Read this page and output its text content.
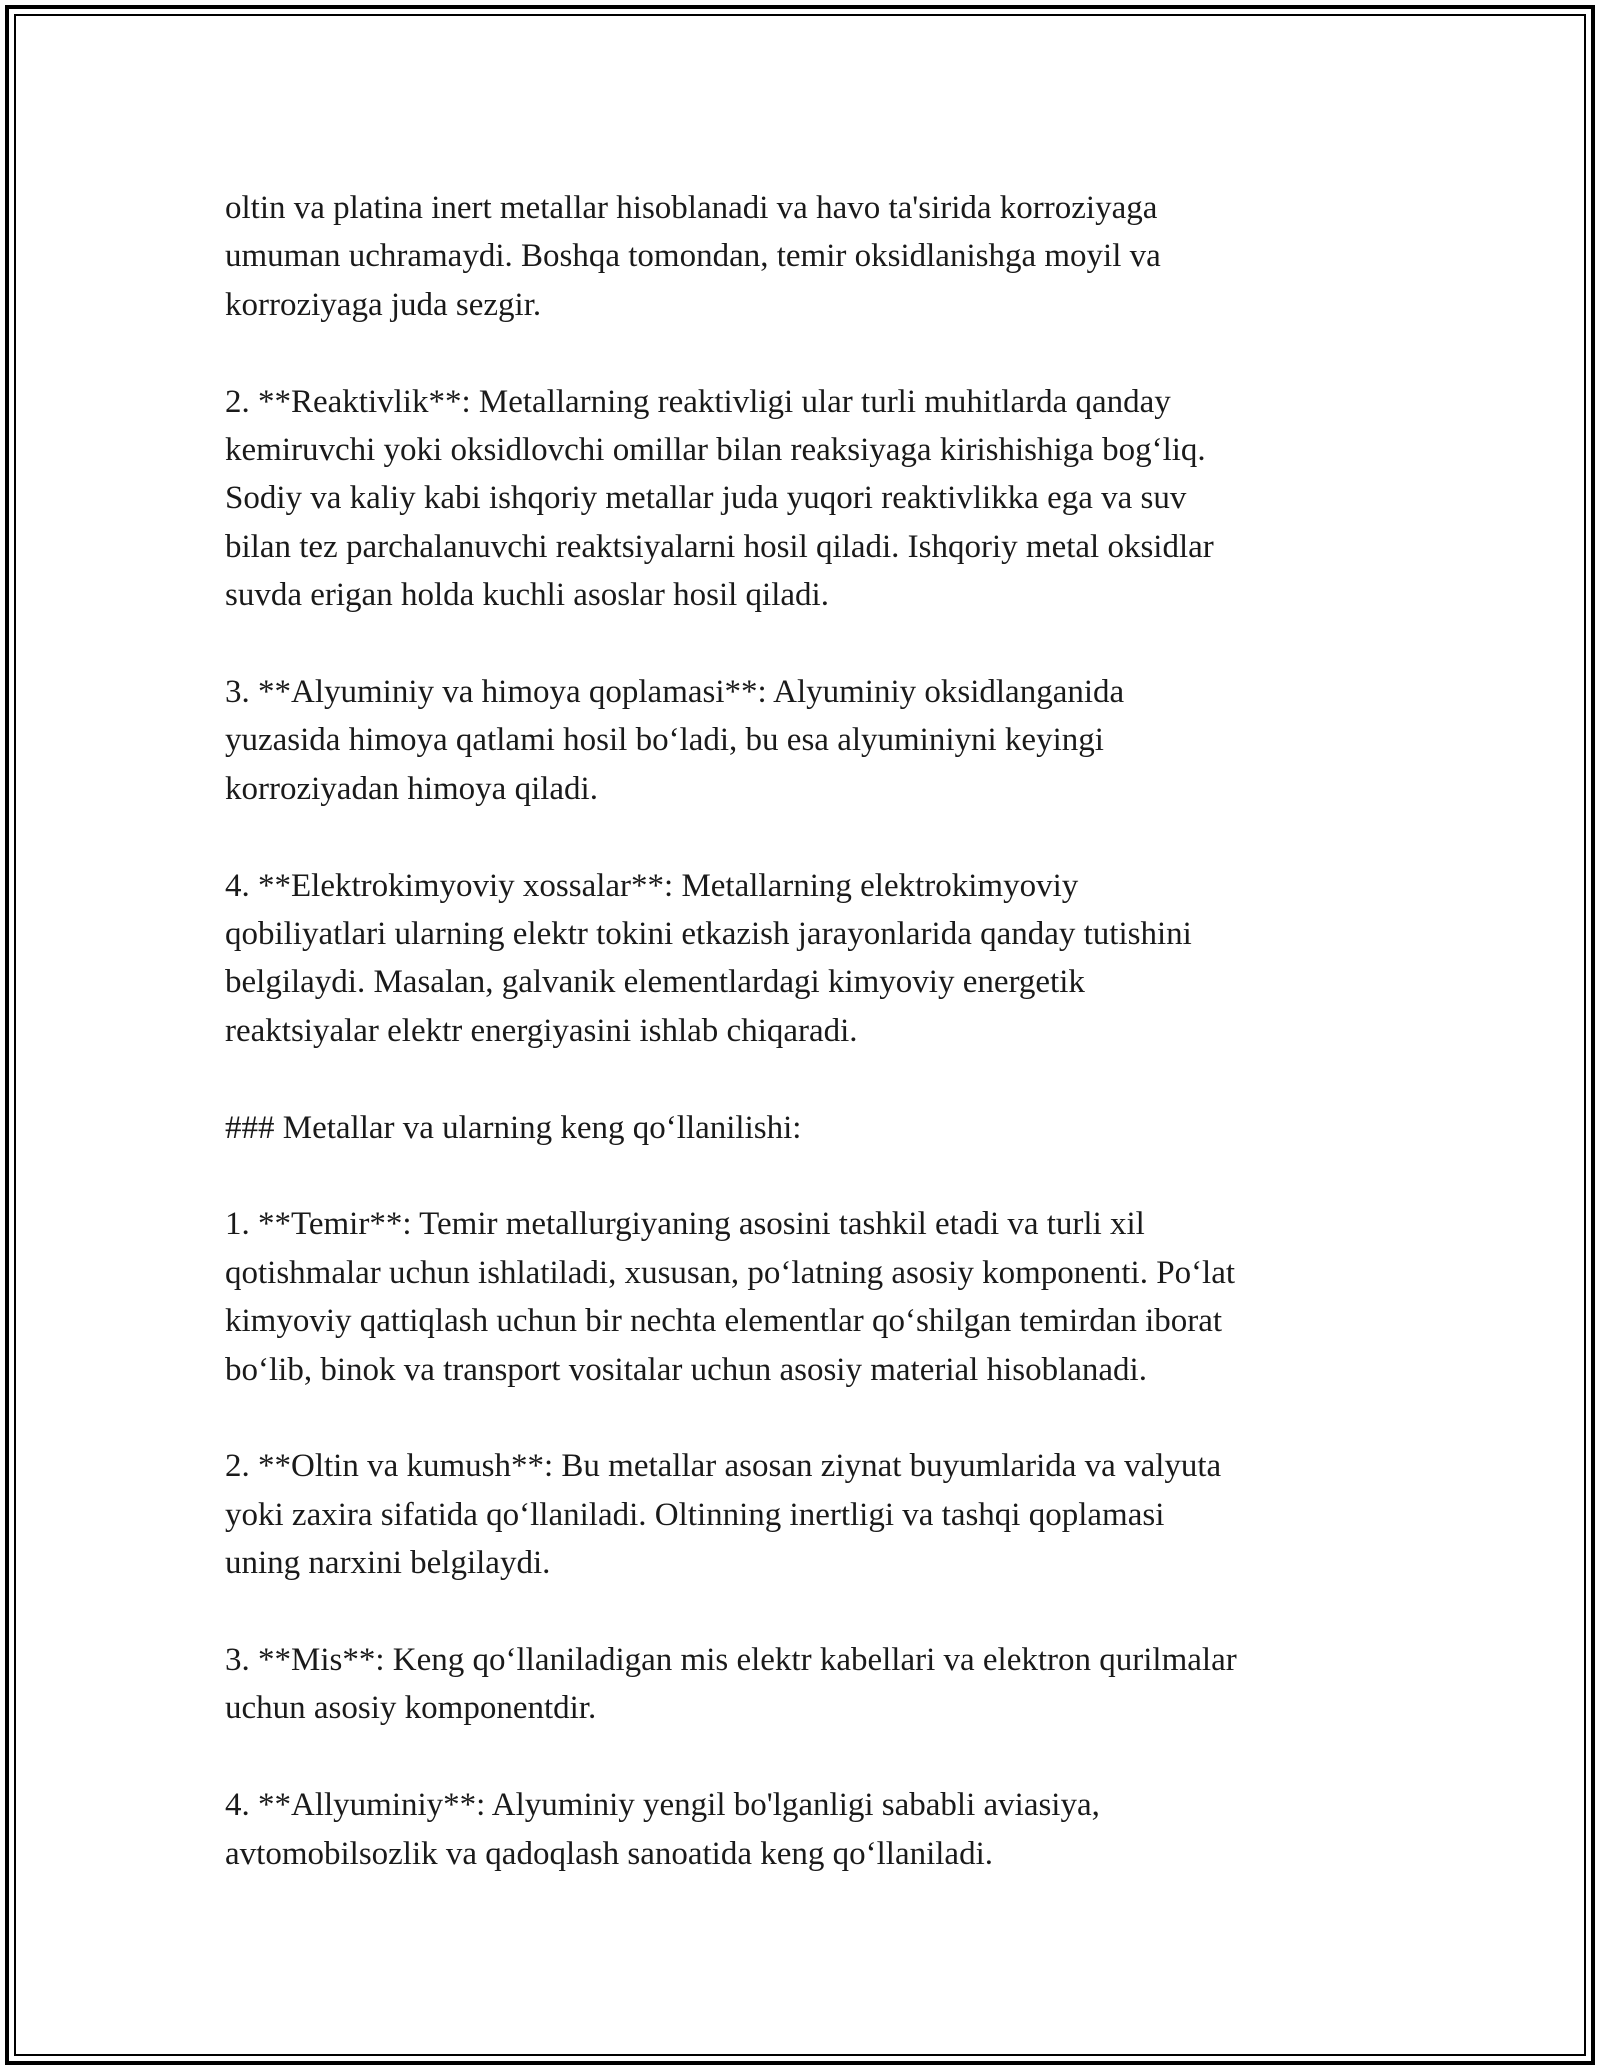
oltin va platina inert metallar hisoblanadi va havo ta'sirida korroziyaga
umuman uchramaydi. Boshqa tomondan, temir oksidlanishga moyil va
korroziyaga juda sezgir.

2. **Reaktivlik**: Metallarning reaktivligi ular turli muhitlarda qanday
kemiruvchi yoki oksidlovchi omillar bilan reaksiyaga kirishishiga bog‘liq.
Sodiy va kaliy kabi ishqoriy metallar juda yuqori reaktivlikka ega va suv
bilan tez parchalanuvchi reaktsiyalarni hosil qiladi. Ishqoriy metal oksidlar
suvda erigan holda kuchli asoslar hosil qiladi.

3. **Alyuminiy va himoya qoplamasi**: Alyuminiy oksidlanganida
yuzasida himoya qatlami hosil bo‘ladi, bu esa alyuminiyni keyingi
korroziyadan himoya qiladi.

4. **Elektrokimyoviy xossalar**: Metallarning elektrokimyoviy
qobiliyatlari ularning elektr tokini etkazish jarayonlarida qanday tutishini
belgilaydi. Masalan, galvanik elementlardagi kimyoviy energetik
reaktsiyalar elektr energiyasini ishlab chiqaradi.

### Metallar va ularning keng qo‘llanilishi:

1. **Temir**: Temir metallurgiyaning asosini tashkil etadi va turli xil
qotishmalar uchun ishlatiladi, xususan, po‘latning asosiy komponenti. Po‘lat
kimyoviy qattiqlash uchun bir nechta elementlar qo‘shilgan temirdan iborat
bo‘lib, binok va transport vositalar uchun asosiy material hisoblanadi.

2. **Oltin va kumush**: Bu metallar asosan ziynat buyumlarida va valyuta
yoki zaxira sifatida qo‘llaniladi. Oltinning inertligi va tashqi qoplamasi
uning narxini belgilaydi.

3. **Mis**: Keng qo‘llaniladigan mis elektr kabellari va elektron qurilmalar
uchun asosiy komponentdir.

4. **Allyuminiy**: Alyuminiy yengil bo'lganligi sababli aviasiya,
avtomobilsozlik va qadoqlash sanoatida keng qo‘llaniladi.
